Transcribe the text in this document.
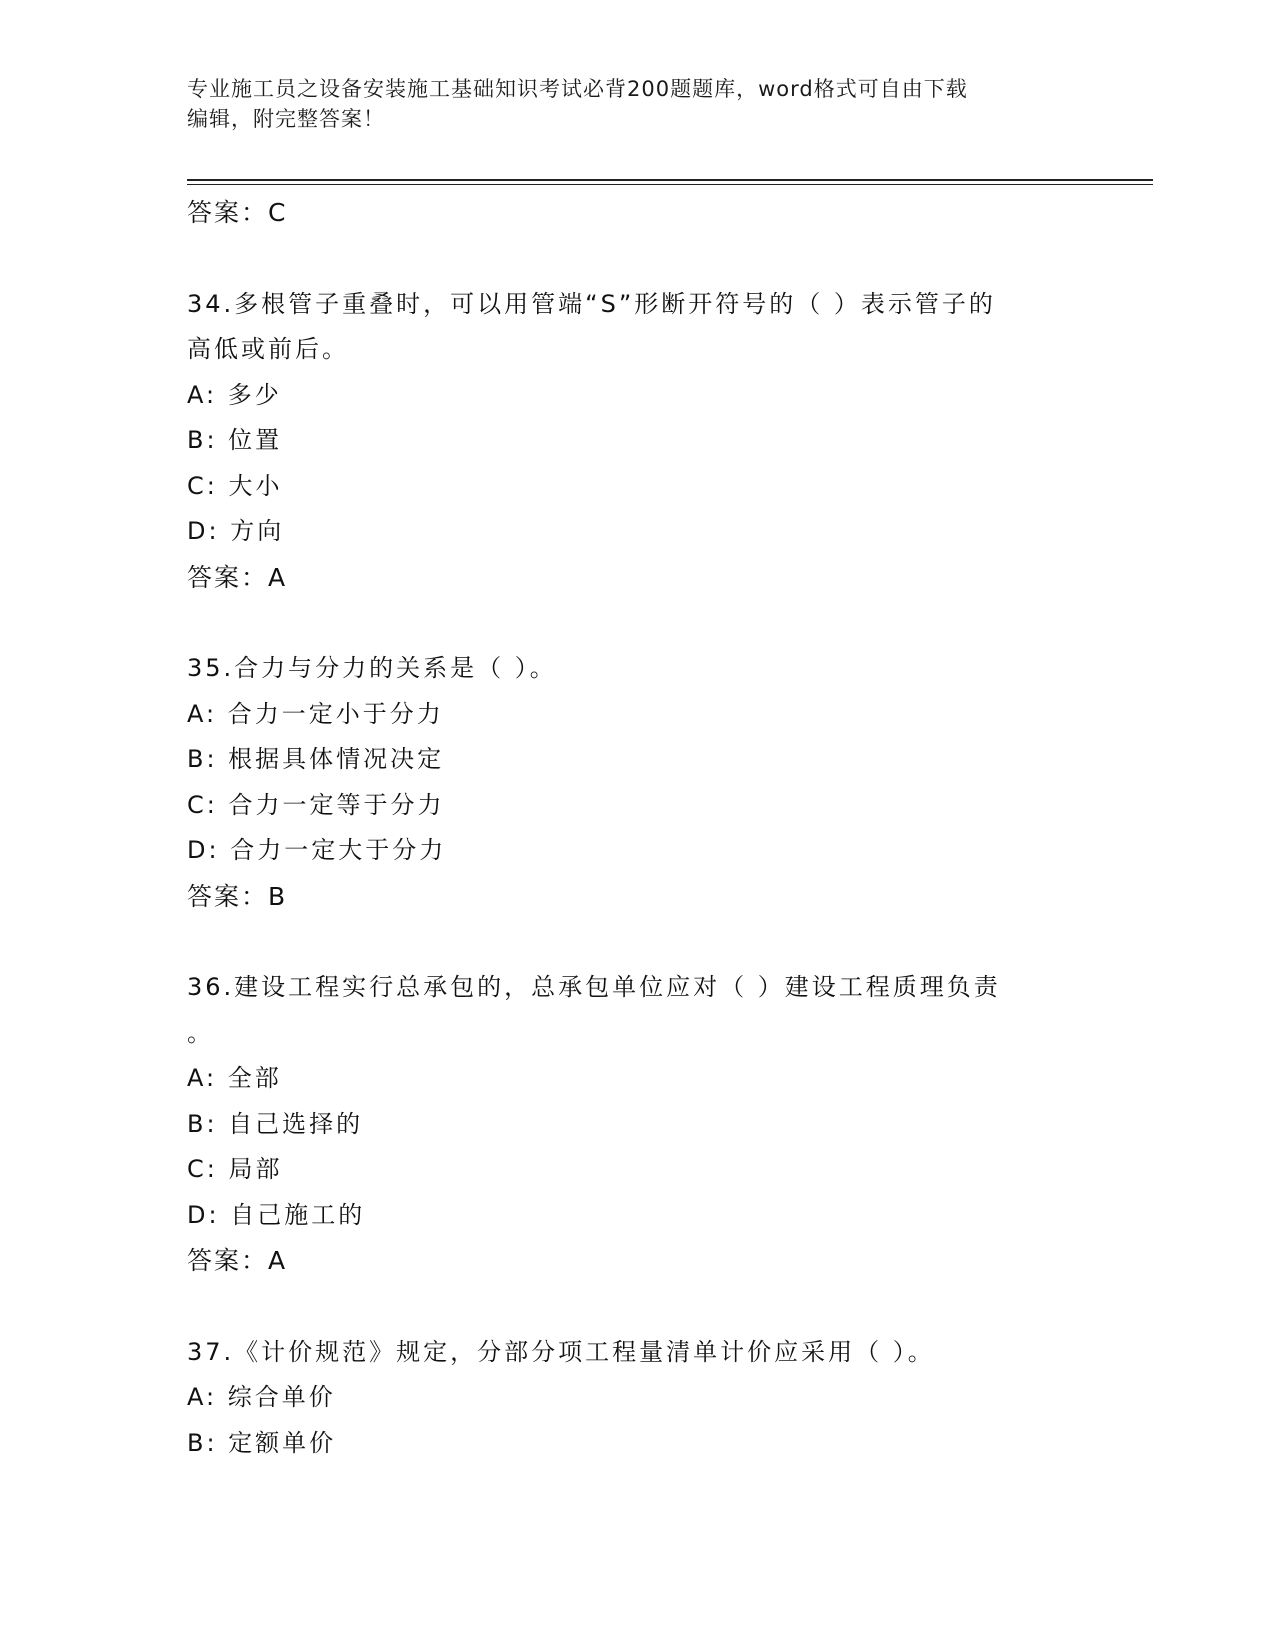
专业施工员之设备安装施工基础知识考试必背200题题库，word格式可自由下载
编辑，附完整答案！
答案：C
34.多根管子重叠时，可以用管端“S”形断开符号的（ ）表示管子的
高低或前后。
A: 多少
B: 位置
C: 大小
D: 方向
答案：A
35.合力与分力的关系是（ ）。
A: 合力一定小于分力
B: 根据具体情况决定
C: 合力一定等于分力
D: 合力一定大于分力
答案：B
36.建设工程实行总承包的，总承包单位应对（ ）建设工程质理负责
。
A: 全部
B: 自己选择的
C: 局部
D: 自己施工的
答案：A
37.《计价规范》规定，分部分项工程量清单计价应采用（ ）。
A: 综合单价
B: 定额单价
